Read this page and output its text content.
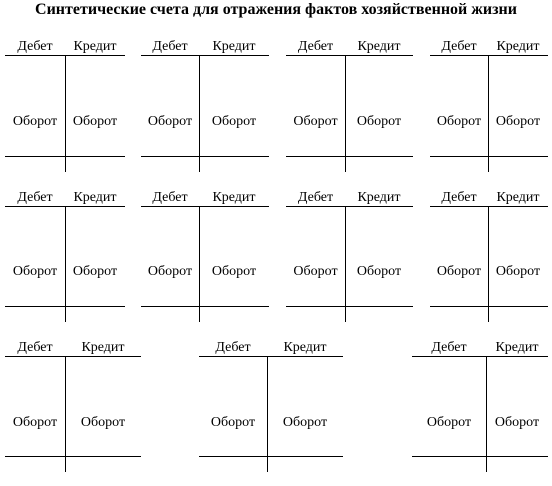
Синтетические счета для отражения фактов хозяйственной жизни
Дебет	Кредит
Оборот	Оборот
Дебет	Кредит
Оборот	Оборот
Дебет	Кредит
Оборот	Оборот
Дебет	Кредит
Оборот	Оборот
Дебет	Кредит
Оборот	Оборот
Дебет	Кредит
Оборот	Оборот
Дебет	Кредит
Оборот	Оборот
Дебет	Кредит
Оборот	Оборот
Дебет	Кредит
Оборот	Оборот
Дебет	Кредит
Оборот	Оборот
Дебет	Кредит
Оборот	Оборот
